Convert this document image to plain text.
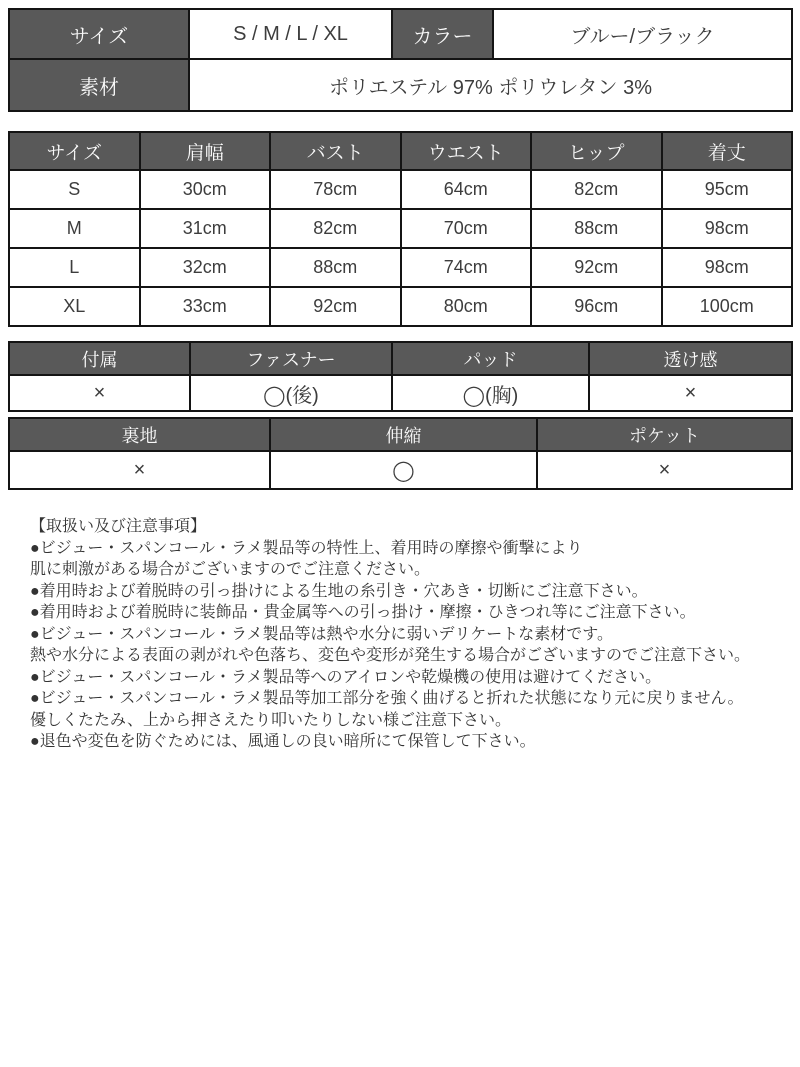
サイズ	S / M / L / XL	カラー	ブルー/ブラック
素材	ポリエステル 97% ポリウレタン 3%		
サイズ	肩幅	バスト	ウエスト	ヒップ	着丈
S	30cm	78cm	64cm	82cm	95cm
M	31cm	82cm	70cm	88cm	98cm
L	32cm	88cm	74cm	92cm	98cm
XL	33cm	92cm	80cm	96cm	100cm
付属	ファスナー	パッド	透け感
×	◯(後)	◯(胸)	×
裏地	伸縮	ポケット
×	◯	×
【取扱い及び注意事項】
●ビジュー・スパンコール・ラメ製品等の特性上、着用時の摩擦や衝撃により
肌に刺激がある場合がございますのでご注意ください。
●着用時および着脱時の引っ掛けによる生地の糸引き・穴あき・切断にご注意下さい。
●着用時および着脱時に装飾品・貴金属等への引っ掛け・摩擦・ひきつれ等にご注意下さい。
●ビジュー・スパンコール・ラメ製品等は熱や水分に弱いデリケートな素材です。
熱や水分による表面の剥がれや色落ち、変色や変形が発生する場合がございますのでご注意下さい。
●ビジュー・スパンコール・ラメ製品等へのアイロンや乾燥機の使用は避けてください。
●ビジュー・スパンコール・ラメ製品等加工部分を強く曲げると折れた状態になり元に戻りません。
優しくたたみ、上から押さえたり叩いたりしない様ご注意下さい。
●退色や変色を防ぐためには、風通しの良い暗所にて保管して下さい。
